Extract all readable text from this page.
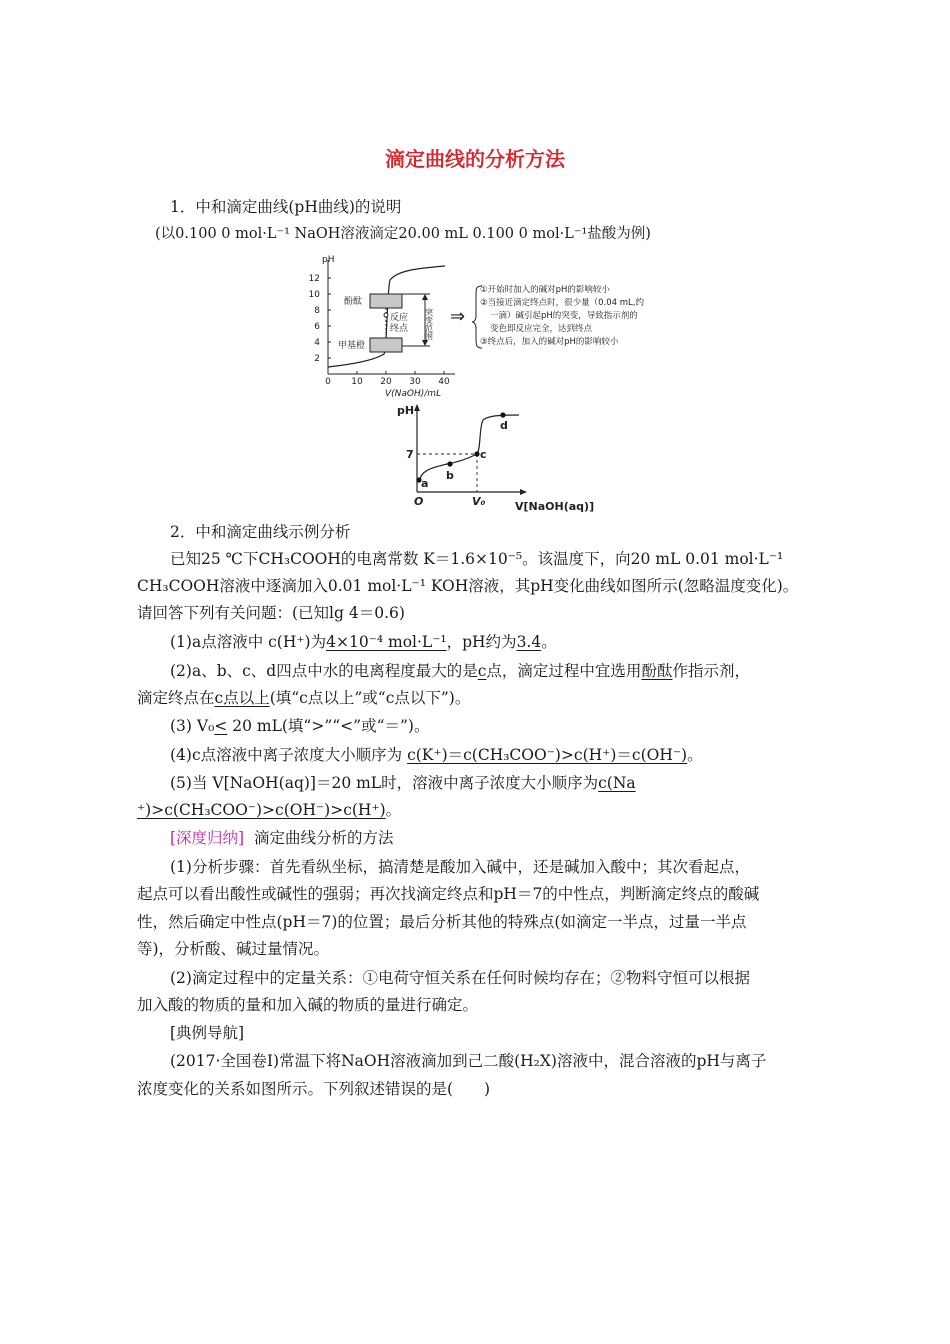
滴定曲线的分析方法
1．中和滴定曲线(pH曲线)的说明
(以0.100 0 mol·L⁻¹ NaOH溶液滴定20.00 mL 0.100 0 mol·L⁻¹盐酸为例)
pH
2
4
6
8
10
12
0 10 20 30 40
V(NaOH)/mL
酚酞
甲基橙
反应
终点 突变范围 ⇒
①开始时加入的碱对pH的影响较小
②当接近滴定终点时，很少量（0.04 mL,约
一滴）碱引起pH的突变，导致指示剂的
变色即反应完全，达到终点
③终点后，加入的碱对pH的影响较小
pH
7
O	V₀	V[NaOH(aq)]
a
b
c
d
2．中和滴定曲线示例分析
已知25 ℃下CH₃COOH的电离常数 K＝1.6×10⁻⁵。该温度下，向20 mL 0.01 mol·L⁻¹
CH₃COOH溶液中逐滴加入0.01 mol·L⁻¹ KOH溶液，其pH变化曲线如图所示(忽略温度变化)。
请回答下列有关问题：(已知lg 4＝0.6)
(1)a点溶液中 c(H⁺)为4×10⁻⁴ mol·L⁻¹，pH约为3.4。
(2)a、b、c、d四点中水的电离程度最大的是c点，滴定过程中宜选用酚酞作指示剂，
滴定终点在c点以上(填“c点以上”或“c点以下”)。
(3) V₀< 20 mL(填“>”“<”或“＝”)。
(4)c点溶液中离子浓度大小顺序为 c(K⁺)＝c(CH₃COO⁻)>c(H⁺)＝c(OH⁻)。
(5)当 V[NaOH(aq)]＝20 mL时，溶液中离子浓度大小顺序为c(Na
⁺)>c(CH₃COO⁻)>c(OH⁻)>c(H⁺)。
[深度归纳] 滴定曲线分析的方法
(1)分析步骤：首先看纵坐标，搞清楚是酸加入碱中，还是碱加入酸中；其次看起点，
起点可以看出酸性或碱性的强弱；再次找滴定终点和pH＝7的中性点，判断滴定终点的酸碱
性，然后确定中性点(pH＝7)的位置；最后分析其他的特殊点(如滴定一半点，过量一半点
等)，分析酸、碱过量情况。
(2)滴定过程中的定量关系：①电荷守恒关系在任何时候均存在；②物料守恒可以根据
加入酸的物质的量和加入碱的物质的量进行确定。
[典例导航]
(2017·全国卷Ⅰ)常温下将NaOH溶液滴加到己二酸(H₂X)溶液中，混合溶液的pH与离子
浓度变化的关系如图所示。下列叙述错误的是(　　)
